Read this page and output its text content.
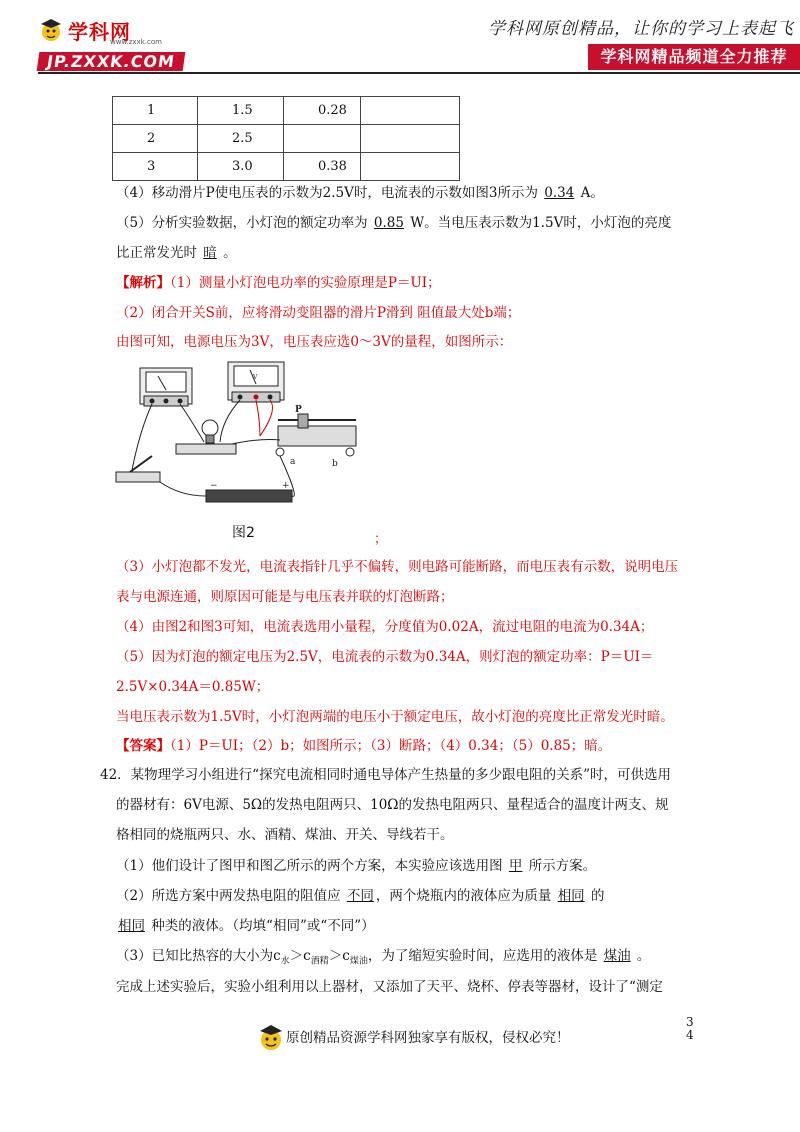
学科网
www.zxxk.com
JP.ZXXK.COM
学科网原创精品，让你的学习上表起飞
学科网精品频道全力推荐
1	1.5	0.28	
2	2.5		
3	3.0	0.38	
（4）移动滑片P使电压表的示数为2.5V时，电流表的示数如图3所示为 0.34 A。
（5）分析实验数据，小灯泡的额定功率为 0.85 W。当电压表示数为1.5V时，小灯泡的亮度
比正常发光时 暗 。
【解析】（1）测量小灯泡电功率的实验原理是P＝UI；
（2）闭合开关S前，应将滑动变阻器的滑片P滑到 阻值最大处b端；
由图可知，电源电压为3V，电压表应选0～3V的量程，如图所示：
V
P
a	b
−	+
图2	；
（3）小灯泡都不发光，电流表指针几乎不偏转，则电路可能断路，而电压表有示数，说明电压
表与电源连通，则原因可能是与电压表并联的灯泡断路；
（4）由图2和图3可知，电流表选用小量程，分度值为0.02A，流过电阻的电流为0.34A；
（5）因为灯泡的额定电压为2.5V，电流表的示数为0.34A，则灯泡的额定功率：P＝UI＝
2.5V×0.34A＝0.85W；
当电压表示数为1.5V时，小灯泡两端的电压小于额定电压，故小灯泡的亮度比正常发光时暗。
【答案】（1）P＝UI；（2）b；如图所示；（3）断路；（4）0.34；（5）0.85；暗。
42．某物理学习小组进行“探究电流相同时通电导体产生热量的多少跟电阻的关系”时，可供选用
的器材有：6V电源、5Ω的发热电阻两只、10Ω的发热电阻两只、量程适合的温度计两支、规
格相同的烧瓶两只、水、酒精、煤油、开关、导线若干。
（1）他们设计了图甲和图乙所示的两个方案，本实验应该选用图 甲 所示方案。
（2）所选方案中两发热电阻的阻值应 不同 ，两个烧瓶内的液体应为质量 相同 的
相同 种类的液体。（均填“相同”或“不同”）
（3）已知比热容的大小为$c_水>c_{酒精}>c_{煤油}$，为了缩短实验时间，应选用的液体是 煤油 。
完成上述实验后，实验小组利用以上器材，又添加了天平、烧杯、停表等器材，设计了“测定
原创精品资源学科网独家享有版权，侵权必究！
3
4
